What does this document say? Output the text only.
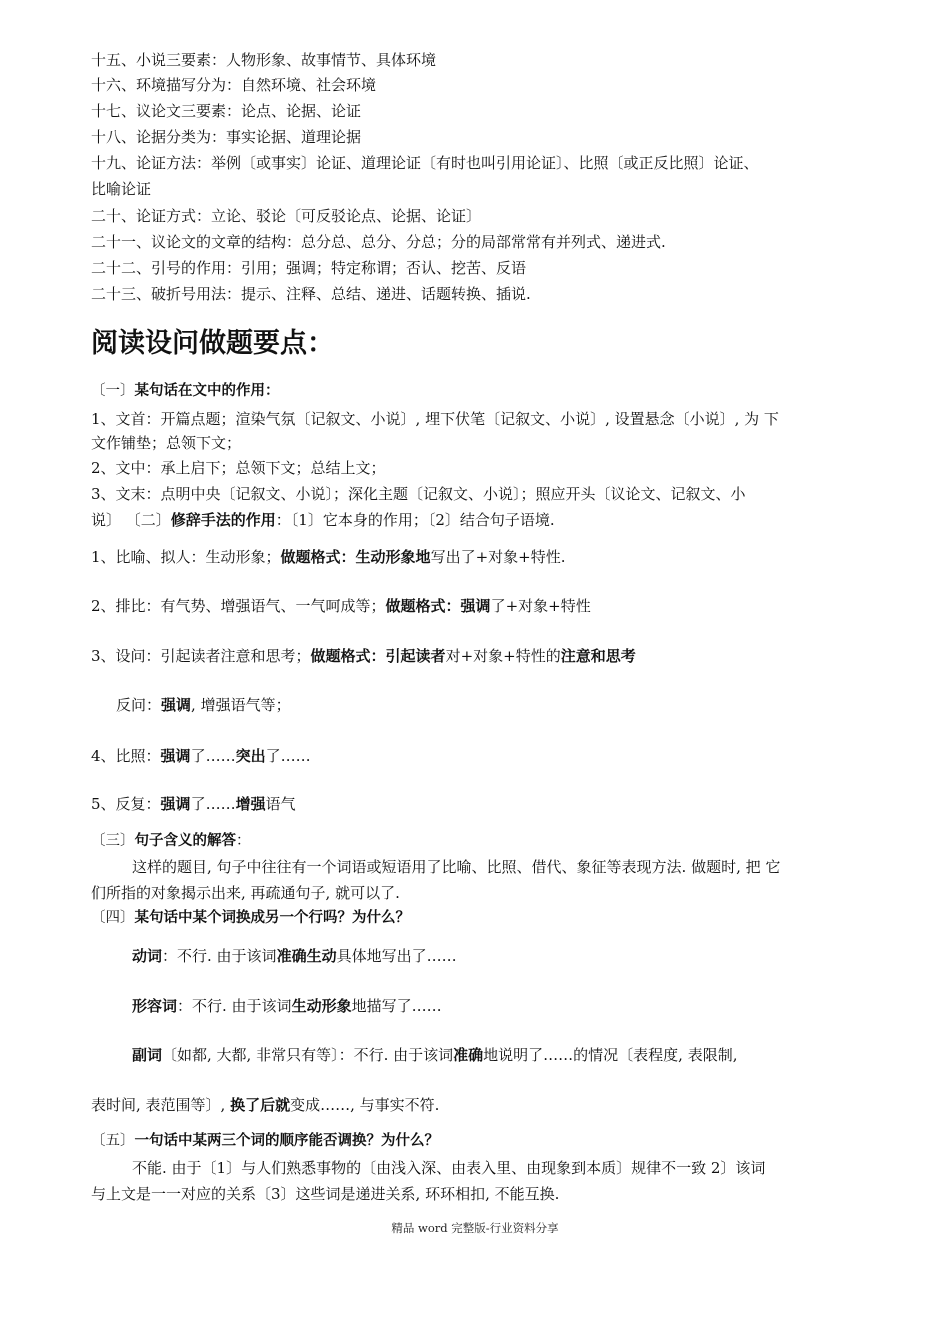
十五、小说三要素：人物形象、故事情节、具体环境
十六、环境描写分为：自然环境、社会环境
十七、议论文三要素：论点、论据、论证
十八、论据分类为：事实论据、道理论据
十九、论证方法：举例〔或事实〕论证、道理论证〔有时也叫引用论证〕、比照〔或正反比照〕论证、
比喻论证
二十、论证方式：立论、驳论〔可反驳论点、论据、论证〕
二十一、议论文的文章的结构：总分总、总分、分总；分的局部常常有并列式、递进式.
二十二、引号的作用：引用；强调；特定称谓；否认、挖苦、反语
二十三、破折号用法：提示、注释、总结、递进、话题转换、插说.
阅读设问做题要点：
〔一〕某句话在文中的作用：
1、文首：开篇点题；渲染气氛〔记叙文、小说〕, 埋下伏笔〔记叙文、小说〕, 设置悬念〔小说〕, 为 下
文作铺垫；总领下文；
2、文中：承上启下；总领下文；总结上文；
3、文末：点明中央〔记叙文、小说〕；深化主题〔记叙文、小说〕；照应开头〔议论文、记叙文、小
说〕 〔二〕修辞手法的作用：〔1〕它本身的作用；〔2〕结合句子语境.
1、比喻、拟人：生动形象；做题格式：生动形象地写出了+对象+特性.
2、排比：有气势、增强语气、一气呵成等；做题格式：强调了+对象+特性
3、设问：引起读者注意和思考；做题格式：引起读者对+对象+特性的注意和思考
反问：强调, 增强语气等；
4、比照：强调了……突出了……
5、反复：强调了……增强语气
〔三〕句子含义的解答：
这样的题目, 句子中往往有一个词语或短语用了比喻、比照、借代、象征等表现方法. 做题时, 把 它
们所指的对象揭示出来, 再疏通句子, 就可以了.
〔四〕某句话中某个词换成另一个行吗？为什么？
动词：不行. 由于该词准确生动具体地写出了……
形容词：不行. 由于该词生动形象地描写了……
副词〔如都, 大都, 非常只有等〕：不行. 由于该词准确地说明了……的情况〔表程度, 表限制,
表时间, 表范围等〕, 换了后就变成……, 与事实不符.
〔五〕一句话中某两三个词的顺序能否调换？为什么？
不能. 由于〔1〕与人们熟悉事物的〔由浅入深、由表入里、由现象到本质〕规律不一致 2〕该词
与上文是一一对应的关系〔3〕这些词是递进关系, 环环相扣, 不能互换.
精品 word 完整版-行业资料分享
